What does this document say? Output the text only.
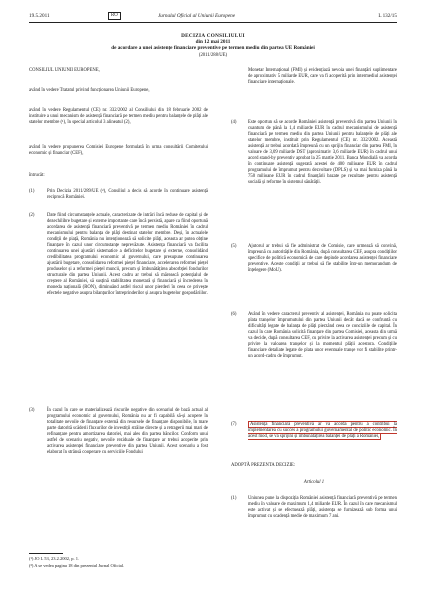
19.5.2011	RO	Jurnalul Oficial al Uniunii Europene	L 132/15
DECIZIA CONSILIULUI
din 12 mai 2011
de acordare a unei asistențe financiare preventive pe termen mediu din partea UE României
(2011/288/UE)
CONSILIUL UNIUNII EUROPENE,
având în vedere Tratatul privind funcționarea Uniunii Europene,
având în vedere Regulamentul (CE) nr. 332/2002 al Consiliului din 18 februarie 2002 de instituire a unui mecanism de asistență financiară pe termen mediu pentru balanțele de plăți ale statelor membre (¹), în special articolul 3 alineatul (2),
având în vedere propunerea Comisiei Europene formulată în urma consultării Comitetului economic și financiar (CEF),
întrucât:
(1)	Prin Decizia 2011/289/UE (²), Consiliul a decis să acorde în continuare asistență reciprocă României.
(2)	Date fiind circumstanțele actuale, caracterizate de intrări încă reduse de capital și de dezechilibre bugetare și externe importante care încă persistă, apare ca fiind oportună acordarea de asistență financiară preventivă pe termen mediu României în cadrul mecanismului pentru balanța de plăți destinat statelor membre. Deși, în actualele condiții de piață, România nu intenționează să solicite plăți, aceasta ar putea obține finanțare în cazul unor circumstanțe neprevăzute. Asistența financiară va facilita continuarea unei ajustări sistematice a deficitelor bugetare și externe, consolidând credibilitatea programului economic al guvernului, care presupune continuarea ajustării bugetare, consolidarea reformei piețel financiare, accelerarea reformei piețel produselor și a reformei piețel muncii, precum și îmbunătățirea absorbției fondurilor structurale din partea Uniunii. Acest cadru ar trebui să mărească potențialul de creștere al României, să susțină stabilitatea monetară și financiară și încrederea în moneda națională (RON), diminuând astfel riscul unor pierderi în ceea ce privește efectele negative asupra bilanțurilor întreprinderilor și asupra bugetelor gospodăriilor.
(3)	În cazul în care se materializează riscurile negative din scenariul de bază actual al programului economic al guvernului, România nu ar fi capabilă să-și acopere în totalitate nevoile de finanțare externă din resursele de finanțare disponibile, în mare parte datorită scăderii fluxurilor de investiții străine directe și a retragerii mai mari de refinanțare pentru amortizarea datoriei, mai ales din partea băncilor. Conform unui astfel de scenariu negativ, nevoile reziduale de finanțare ar trebui acoperite prin activarea asistenței financiare preventive din partea Uniunii. Acest scenariu a fost elaborat în strânsă cooperare cu serviciile Fondului
(¹) JO L 53, 23.2.2002, p. 1.
(²) A se vedea pagina 18 din prezentul Jurnal Oficial.
Monetar Internațional (FMI) și evidențiază nevoia unei finanțări suplimentare de aproximativ 5 miliarde EUR, care va fi acoperită prin intermediul asistenței financiare internaționale.
(4) Este oportun să se acorde României asistență preventivă din partea Uniunii în cuantum de până la 1,4 miliarde EUR în cadrul mecanismului de asistență financiară pe termen mediu din partea Uniunii pentru balanțele de plăți ale statelor membre, instituit prin Regulamentul (CE) nr. 332/2002. Această asistență ar trebui acordată împreună cu un sprijin financiar din partea FMI, în valoare de 3,09 miliarde DST (aproximativ 3,6 miliarde EUR) în cadrul unui acord stand-by preventiv aprobat la 25 martie 2011. Banca Mondială va acorda în continuare asistență sugerată acestei de 400 milioane EUR în cadrul programului de împrumut pentru dezvoltare (DPLS) și va mai furniza până la 750 milioane EUR în cadrul finanțării bazate pe rezultate pentru asistență socială și reforme în sistemul sănătății.
(5) Ajutorul ar trebui să fie administrat de Comisie, care urmează să convină, împreună cu autoritățile din România, după consultarea CEF, asupra condițiilor specifice de politică economică de care depinde acordarea asistenței financiare preventive. Aceste condiții ar trebui să fie stabilite într-un memorandum de înțelegere (MoU).
(6) Având în vedere caracterul preventiv al asistenței, România nu poate solicita plata tranșelor împrumutului din partea Uniunii decât dacă se confruntă cu dificultăți legate de balanța de plăți pierzând ceea ce conciziile de capital. În cazul în care România solicită finanțare din partea Comisiei, aceasta din urmă va decide, după consultarea CEF, cu privire la activarea asistenței precum și cu privire la valoarea tranșelor și la momentul plății acestora. Condițiile financiare detaliate legate de plata unor eventuale tranșe vor fi stabilite printr-un acord-cadru de împrumut.
(7)	Asistența financiară preventivă ar va acorda pentru a contribui la implementarea cu succes a programului guvernamental de politic economic. În acest mod, se va sprijini și îmbunătățirea balanței de plăți a României,
ADOPTĂ PREZENTA DECIZIE:
Articolul 1
(1) Uniunea pune la dispoziția României asistență financiară preventivă pe termen mediu în valoare de maximum 1,4 miliarde EUR. În cazul în care mecanismul este activat și se efectuează plăți, asistența se furnizează sub forma unui împrumut cu scadență medie de maximum 7 ani.
